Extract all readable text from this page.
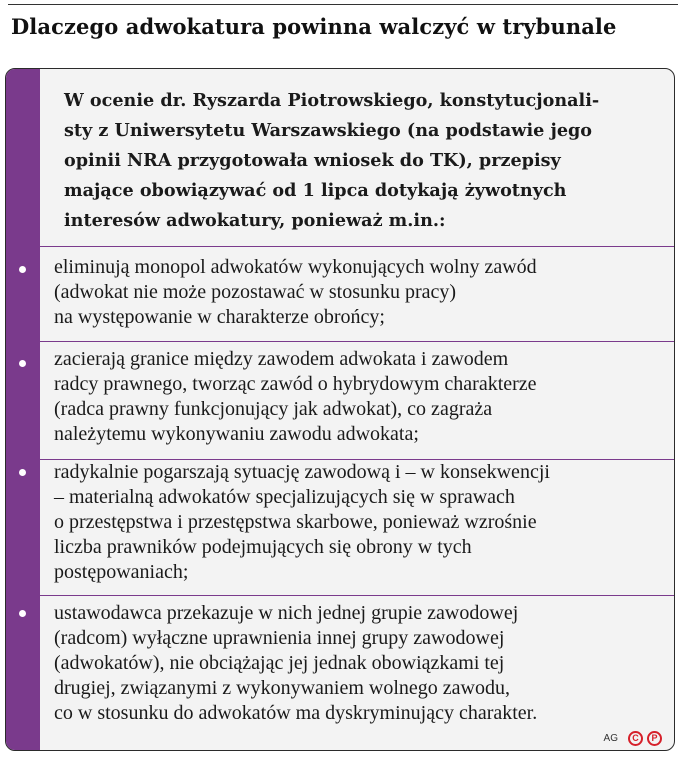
Dlaczego adwokatura powinna walczyć w trybunale
W ocenie dr. Ryszarda Piotrowskiego, konstytucjonali-
sty z Uniwersytetu Warszawskiego (na podstawie jego
opinii NRA przygotowała wniosek do TK), przepisy
mające obowiązywać od 1 lipca dotykają żywotnych
interesów adwokatury, ponieważ m.in.:
eliminują monopol adwokatów wykonujących wolny zawód
(adwokat nie może pozostawać w stosunku pracy)
na występowanie w charakterze obrońcy;
zacierają granice między zawodem adwokata i zawodem
radcy prawnego, tworząc zawód o hybrydowym charakterze
(radca prawny funkcjonujący jak adwokat), co zagraża
należytemu wykonywaniu zawodu adwokata;
radykalnie pogarszają sytuację zawodową i – w konsekwencji
– materialną adwokatów specjalizujących się w sprawach
o przestępstwa i przestępstwa skarbowe, ponieważ wzrośnie
liczba prawników podejmujących się obrony w tych
postępowaniach;
ustawodawca przekazuje w nich jednej grupie zawodowej
(radcom) wyłączne uprawnienia innej grupy zawodowej
(adwokatów), nie obciążając jej jednak obowiązkami tej
drugiej, związanymi z wykonywaniem wolnego zawodu,
co w stosunku do adwokatów ma dyskryminujący charakter.
AG	C	P
